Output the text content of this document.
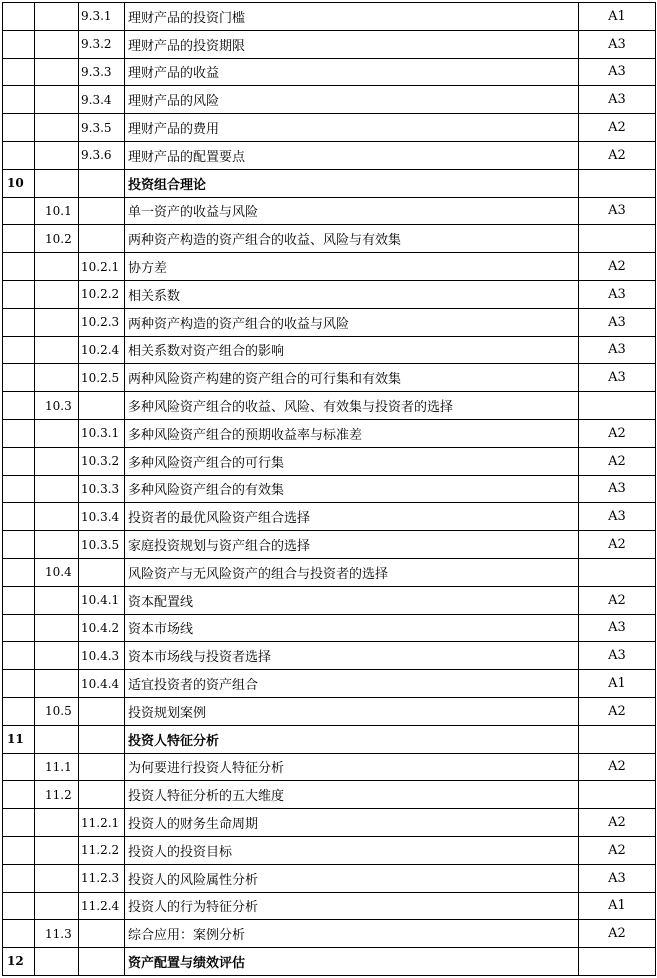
		9.3.1	理财产品的投资门槛	A1
		9.3.2	理财产品的投资期限	A3
		9.3.3	理财产品的收益	A3
		9.3.4	理财产品的风险	A3
		9.3.5	理财产品的费用	A2
		9.3.6	理财产品的配置要点	A2
10			投资组合理论	
	10.1		单一资产的收益与风险	A3
	10.2		两种资产构造的资产组合的收益、风险与有效集	
		10.2.1	协方差	A2
		10.2.2	相关系数	A3
		10.2.3	两种资产构造的资产组合的收益与风险	A3
		10.2.4	相关系数对资产组合的影响	A3
		10.2.5	两种风险资产构建的资产组合的可行集和有效集	A3
	10.3		多种风险资产组合的收益、风险、有效集与投资者的选择	
		10.3.1	多种风险资产组合的预期收益率与标准差	A2
		10.3.2	多种风险资产组合的可行集	A2
		10.3.3	多种风险资产组合的有效集	A3
		10.3.4	投资者的最优风险资产组合选择	A3
		10.3.5	家庭投资规划与资产组合的选择	A2
	10.4		风险资产与无风险资产的组合与投资者的选择	
		10.4.1	资本配置线	A2
		10.4.2	资本市场线	A3
		10.4.3	资本市场线与投资者选择	A3
		10.4.4	适宜投资者的资产组合	A1
	10.5		投资规划案例	A2
11			投资人特征分析	
	11.1		为何要进行投资人特征分析	A2
	11.2		投资人特征分析的五大维度	
		11.2.1	投资人的财务生命周期	A2
		11.2.2	投资人的投资目标	A2
		11.2.3	投资人的风险属性分析	A3
		11.2.4	投资人的行为特征分析	A1
	11.3		综合应用：案例分析	A2
12			资产配置与绩效评估	
